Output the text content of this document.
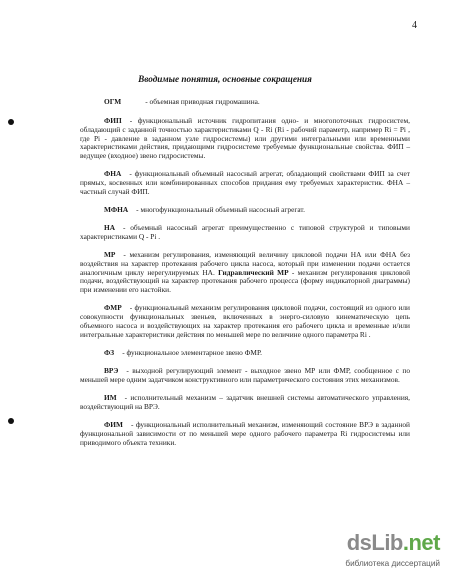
4
Вводимые понятия, основные сокращения

ОГМ	- объемная приводная гидромашина.

ФИП - функциональный источник гидропитания одно- и многопоточных гидросистем, обладающий с заданной точностью характеристиками Q - Ri (Ri - рабочий параметр, например Ri = Pi , где Pi - давление в заданном узле гидросистемы) или другими интегральными или временными характеристиками действия, придающими гидросистеме требуемые функциональные свойства. ФИП – ведущее (входное) звено гидросистемы.

ФНА - функциональный объемный насосный агрегат, обладающий свойствами ФИП за счет прямых, косвенных или комбинированных способов придания ему требуемых характеристик. ФНА – частный случай ФИП.

МФНА - многофункциональный объемный насосный агрегат.

НА - объемный насосный агрегат преимущественно с типовой структурой и типовыми характеристиками Q - Pi .

МР - механизм регулирования, изменяющий величину цикловой подачи НА или ФНА без воздействия на характер протекания рабочего цикла насоса, который при изменении подачи остается аналогичным циклу нерегулируемых НА. Гидравлический МР - механизм регулирования цикловой подачи, воздействующий на характер протекания рабочего процесса (форму индикаторной диаграммы) при изменении его настойки.

ФМР - функциональный механизм регулирования цикловой подачи, состоящий из одного или совокупности функциональных звеньев, включенных в энерго-силовую кинематическую цепь объемного насоса и воздействующих на характер протекания его рабочего цикла и временные и/или интегральные характеристики действия по меньшей мере по величине одного параметра Ri .

ФЗ - функциональное элементарное звено ФМР.

ВРЭ - выходной регулирующий элемент - выходное звено МР или ФМР, сообщенное с по меньшей мере одним задатчиком конструктивного или параметрического состояния этих механизмов.

ИМ - исполнительный механизм – задатчик внешней системы автоматического управления, воздействующий на ВРЭ.

ФИМ - функциональный исполнительный механизм, изменяющий состояние ВРЭ в заданной функциональной зависимости от по меньшей мере одного рабочего параметра Ri гидросистемы или приводимого объекта техники.

dsLib.net
библиотека диссертаций
